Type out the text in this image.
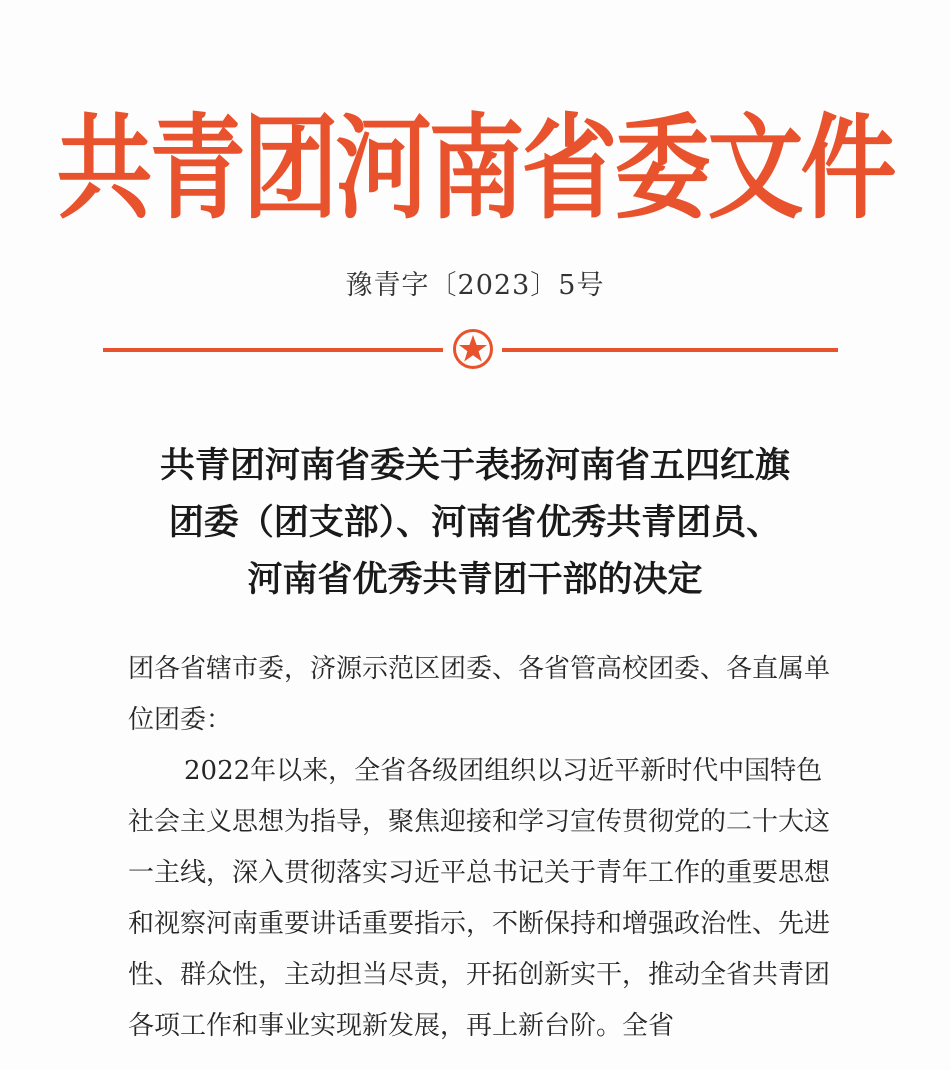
共青团河南省委文件
豫青字〔2023〕5号
共青团河南省委关于表扬河南省五四红旗
团委（团支部）、河南省优秀共青团员、
河南省优秀共青团干部的决定

团各省辖市委，济源示范区团委、各省管高校团委、各直属单位团委：

2022年以来，全省各级团组织以习近平新时代中国特色社会主义思想为指导，聚焦迎接和学习宣传贯彻党的二十大这一主线，深入贯彻落实习近平总书记关于青年工作的重要思想和视察河南重要讲话重要指示，不断保持和增强政治性、先进性、群众性，主动担当尽责，开拓创新实干，推动全省共青团各项工作和事业实现新发展，再上新台阶。全省
